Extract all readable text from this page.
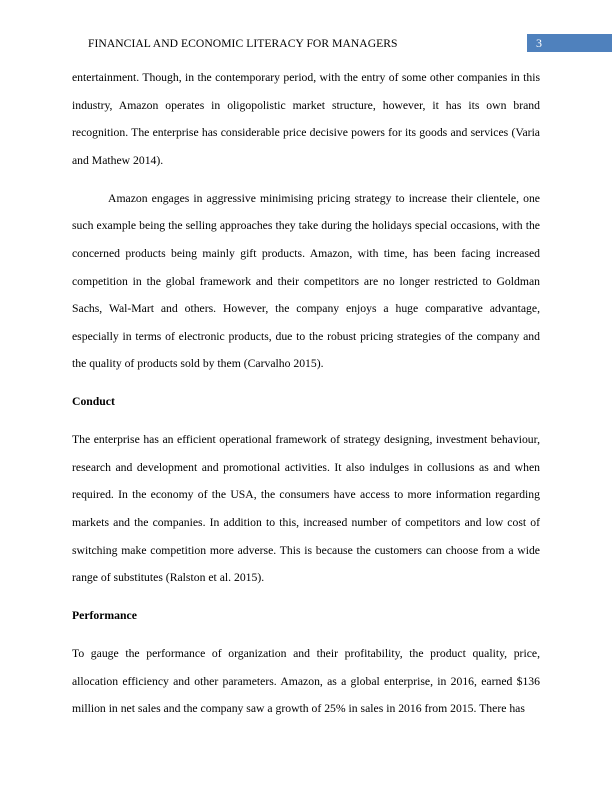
FINANCIAL AND ECONOMIC LITERACY FOR MANAGERS	3

entertainment. Though, in the contemporary period, with the entry of some other companies in this industry, Amazon operates in oligopolistic market structure, however, it has its own brand recognition. The enterprise has considerable price decisive powers for its goods and services (Varia and Mathew 2014).

Amazon engages in aggressive minimising pricing strategy to increase their clientele, one such example being the selling approaches they take during the holidays special occasions, with the concerned products being mainly gift products. Amazon, with time, has been facing increased competition in the global framework and their competitors are no longer restricted to Goldman Sachs, Wal-Mart and others. However, the company enjoys a huge comparative advantage, especially in terms of electronic products, due to the robust pricing strategies of the company and the quality of products sold by them (Carvalho 2015).

Conduct

The enterprise has an efficient operational framework of strategy designing, investment behaviour, research and development and promotional activities. It also indulges in collusions as and when required. In the economy of the USA, the consumers have access to more information regarding markets and the companies. In addition to this, increased number of competitors and low cost of switching make competition more adverse. This is because the customers can choose from a wide range of substitutes (Ralston et al. 2015).

Performance

To gauge the performance of organization and their profitability, the product quality, price, allocation efficiency and other parameters. Amazon, as a global enterprise, in 2016, earned $136 million in net sales and the company saw a growth of 25% in sales in 2016 from 2015. There has
